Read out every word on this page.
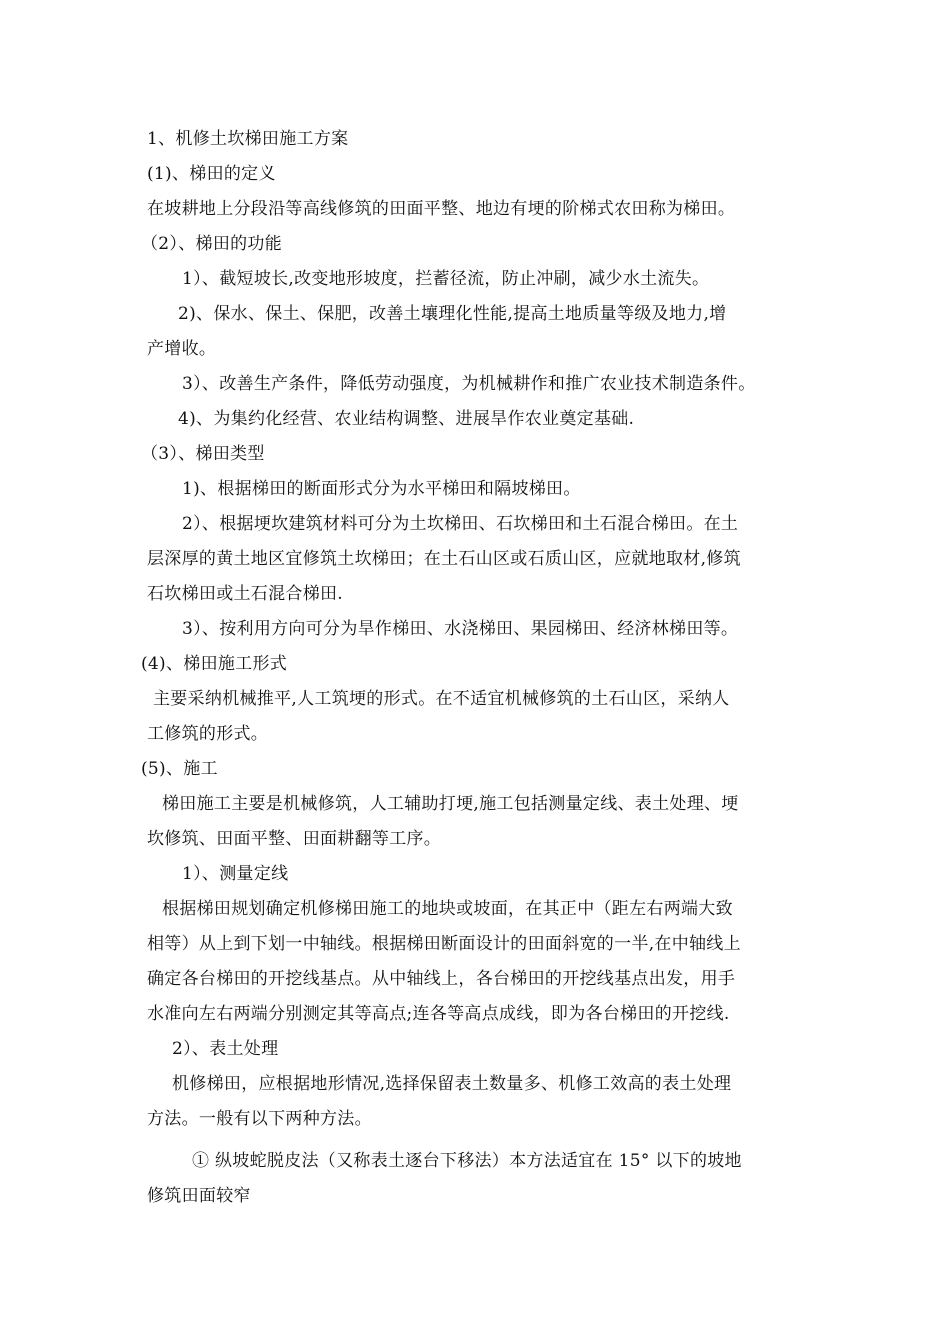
1、机修土坎梯田施工方案
(1)、梯田的定义
在坡耕地上分段沿等高线修筑的田面平整、地边有埂的阶梯式农田称为梯田。
（2）、梯田的功能
1）、截短坡长,改变地形坡度，拦蓄径流，防止冲刷，减少水土流失。
2)、保水、保土、保肥，改善土壤理化性能,提高土地质量等级及地力,增
产增收。
3）、改善生产条件，降低劳动强度，为机械耕作和推广农业技术制造条件。
4)、为集约化经营、农业结构调整、进展旱作农业奠定基础.
（3）、梯田类型
1)、根据梯田的断面形式分为水平梯田和隔坡梯田。
2）、根据埂坎建筑材料可分为土坎梯田、石坎梯田和土石混合梯田。在土
层深厚的黄土地区宜修筑土坎梯田；在土石山区或石质山区，应就地取材,修筑
石坎梯田或土石混合梯田.
3）、按利用方向可分为旱作梯田、水浇梯田、果园梯田、经济林梯田等。
(4)、梯田施工形式
主要采纳机械推平,人工筑埂的形式。在不适宜机械修筑的土石山区，采纳人
工修筑的形式。
(5)、施工
梯田施工主要是机械修筑，人工辅助打埂,施工包括测量定线、表土处理、埂
坎修筑、田面平整、田面耕翻等工序。
1）、测量定线
根据梯田规划确定机修梯田施工的地块或坡面，在其正中（距左右两端大致
相等）从上到下划一中轴线。根据梯田断面设计的田面斜宽的一半,在中轴线上
确定各台梯田的开挖线基点。从中轴线上，各台梯田的开挖线基点出发，用手
水准向左右两端分别测定其等高点;连各等高点成线，即为各台梯田的开挖线.
2）、表土处理
机修梯田，应根据地形情况,选择保留表土数量多、机修工效高的表土处理
方法。一般有以下两种方法。
① 纵坡蛇脱皮法（又称表土逐台下移法）本方法适宜在 15° 以下的坡地
修筑田面较窄
